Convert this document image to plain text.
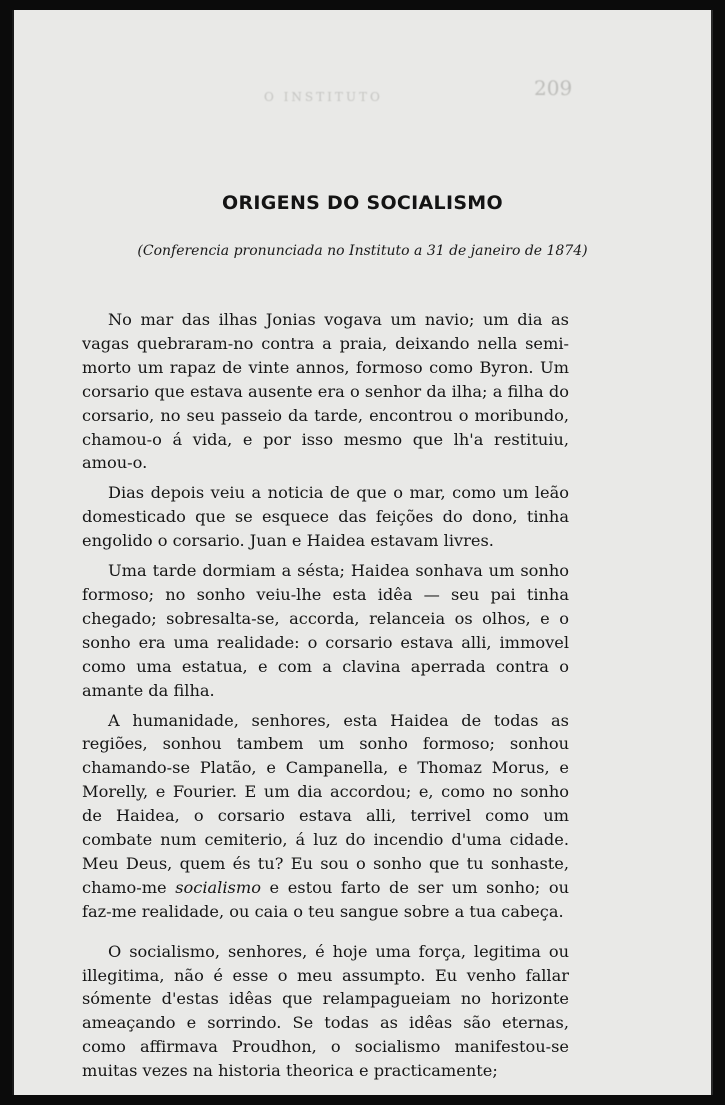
209
O INSTITUTO
ORIGENS DO SOCIALISMO
(Conferencia pronunciada no Instituto a 31 de janeiro de 1874)

No mar das ilhas Jonias vogava um navio; um dia as vagas quebraram-no contra a praia, deixando nella semi-morto um rapaz de vinte annos, formoso como Byron. Um corsario que estava ausente era o senhor da ilha; a filha do corsario, no seu passeio da tarde, encontrou o moribundo, chamou-o á vida, e por isso mesmo que lh'a restituiu, amou-o.

Dias depois veiu a noticia de que o mar, como um leão domesticado que se esquece das feições do dono, tinha engolido o corsario. Juan e Haidea estavam livres.

Uma tarde dormiam a sésta; Haidea sonhava um sonho formoso; no sonho veiu-lhe esta idêa — seu pai tinha chegado; sobresalta-se, accorda, relanceia os olhos, e o sonho era uma realidade: o corsario estava alli, immovel como uma estatua, e com a clavina aperrada contra o amante da filha.

A humanidade, senhores, esta Haidea de todas as regiões, sonhou tambem um sonho formoso; sonhou chamando-se Platão, e Campanella, e Thomaz Morus, e Morelly, e Fourier. E um dia accordou; e, como no sonho de Haidea, o corsario estava alli, terrivel como um combate num cemiterio, á luz do incendio d'uma cidade. Meu Deus, quem és tu? Eu sou o sonho que tu sonhaste, chamo-me socialismo e estou farto de ser um sonho; ou faz-me realidade, ou caia o teu sangue sobre a tua cabeça.

O socialismo, senhores, é hoje uma força, legitima ou illegitima, não é esse o meu assumpto. Eu venho fallar sómente d'estas idêas que relampagueiam no horizonte ameaçando e sorrindo. Se todas as idêas são eternas, como affirmava Proudhon, o socialismo manifestou-se muitas vezes na historia theorica e practicamente;
